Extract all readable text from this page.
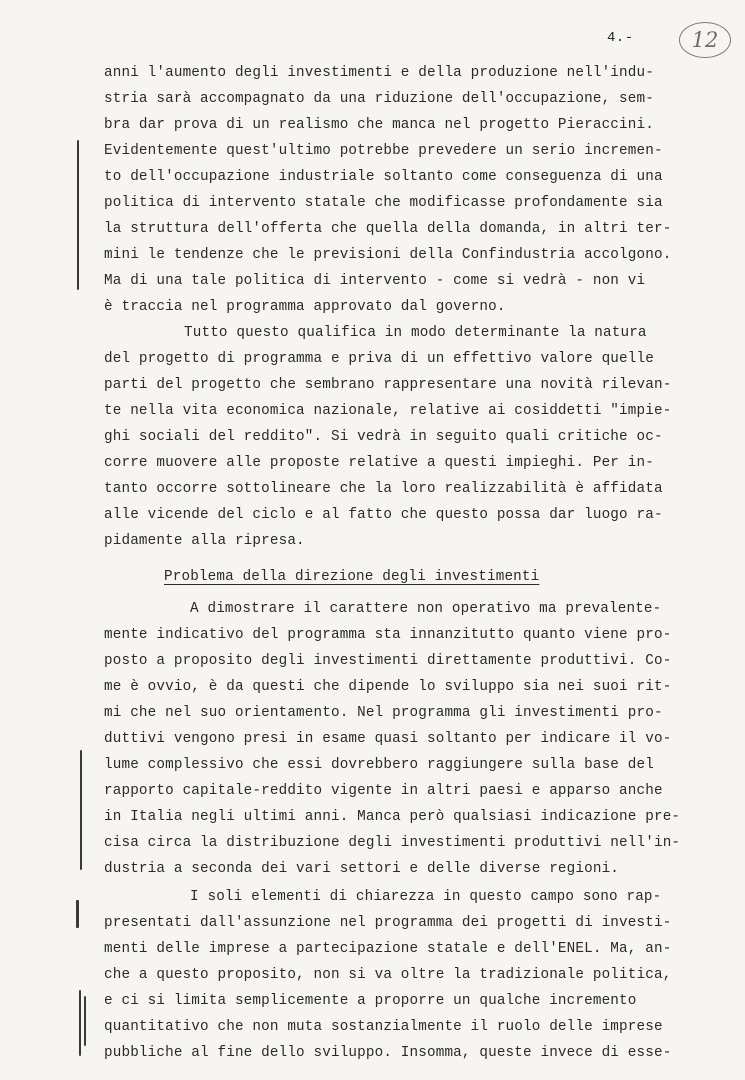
4.-	12
anni l'aumento degli investimenti e della produzione nell'indu-
stria sarà accompagnato da una riduzione dell'occupazione, sem-
bra dar prova di un realismo che manca nel progetto Pieraccini.
Evidentemente quest'ultimo potrebbe prevedere un serio incremen-
to dell'occupazione industriale soltanto come conseguenza di una
politica di intervento statale che modificasse profondamente sia
la struttura dell'offerta che quella della domanda, in altri ter-
mini le tendenze che le previsioni della Confindustria accolgono.
Ma di una tale politica di intervento - come si vedrà - non vi
è traccia nel programma approvato dal governo.
Tutto questo qualifica in modo determinante la natura
del progetto di programma e priva di un effettivo valore quelle
parti del progetto che sembrano rappresentare una novità rilevan-
te nella vita economica nazionale, relative ai cosiddetti "impie-
ghi sociali del reddito". Si vedrà in seguito quali critiche oc-
corre muovere alle proposte relative a questi impieghi. Per in-
tanto occorre sottolineare che la loro realizzabilità è affidata
alle vicende del ciclo e al fatto che questo possa dar luogo ra-
pidamente alla ripresa.
Problema della direzione degli investimenti
A dimostrare il carattere non operativo ma prevalente-
mente indicativo del programma sta innanzitutto quanto viene pro-
posto a proposito degli investimenti direttamente produttivi. Co-
me è ovvio, è da questi che dipende lo sviluppo sia nei suoi rit-
mi che nel suo orientamento. Nel programma gli investimenti pro-
duttivi vengono presi in esame quasi soltanto per indicare il vo-
lume complessivo che essi dovrebbero raggiungere sulla base del
rapporto capitale-reddito vigente in altri paesi e apparso anche
in Italia negli ultimi anni. Manca però qualsiasi indicazione pre-
cisa circa la distribuzione degli investimenti produttivi nell'in-
dustria a seconda dei vari settori e delle diverse regioni.
I soli elementi di chiarezza in questo campo sono rap-
presentati dall'assunzione nel programma dei progetti di investi-
menti delle imprese a partecipazione statale e dell'ENEL. Ma, an-
che a questo proposito, non si va oltre la tradizionale politica,
e ci si limita semplicemente a proporre un qualche incremento
quantitativo che non muta sostanzialmente il ruolo delle imprese
pubbliche al fine dello sviluppo. Insomma, queste invece di esse-
